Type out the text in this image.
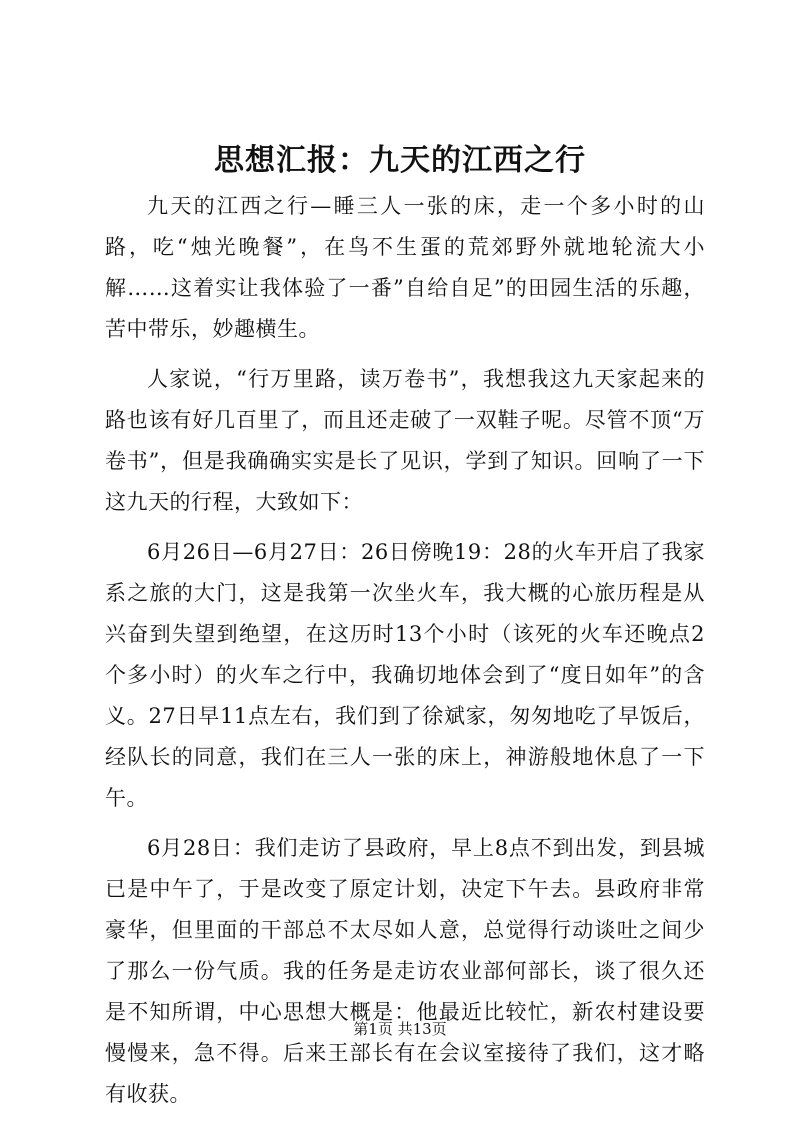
思想汇报：九天的江西之行

九天的江西之行—睡三人一张的床，走一个多小时的山路，吃“烛光晚餐”，在鸟不生蛋的荒郊野外就地轮流大小解……这着实让我体验了一番”自给自足”的田园生活的乐趣，苦中带乐，妙趣横生。

人家说，“行万里路，读万卷书”，我想我这九天家起来的路也该有好几百里了，而且还走破了一双鞋子呢。尽管不顶“万卷书”，但是我确确实实是长了见识，学到了知识。回响了一下这九天的行程，大致如下：

6月26日—6月27日：26日傍晚19：28的火车开启了我家系之旅的大门，这是我第一次坐火车，我大概的心旅历程是从兴奋到失望到绝望，在这历时13个小时（该死的火车还晚点2个多小时）的火车之行中，我确切地体会到了“度日如年”的含义。27日早11点左右，我们到了徐斌家，匆匆地吃了早饭后，经队长的同意，我们在三人一张的床上，神游般地休息了一下午。

6月28日：我们走访了县政府，早上8点不到出发，到县城已是中午了，于是改变了原定计划，决定下午去。县政府非常豪华，但里面的干部总不太尽如人意，总觉得行动谈吐之间少了那么一份气质。我的任务是走访农业部何部长，谈了很久还是不知所谓，中心思想大概是：他最近比较忙，新农村建设要慢慢来，急不得。后来王部长有在会议室接待了我们，这才略有收获。

第1页 共13页
